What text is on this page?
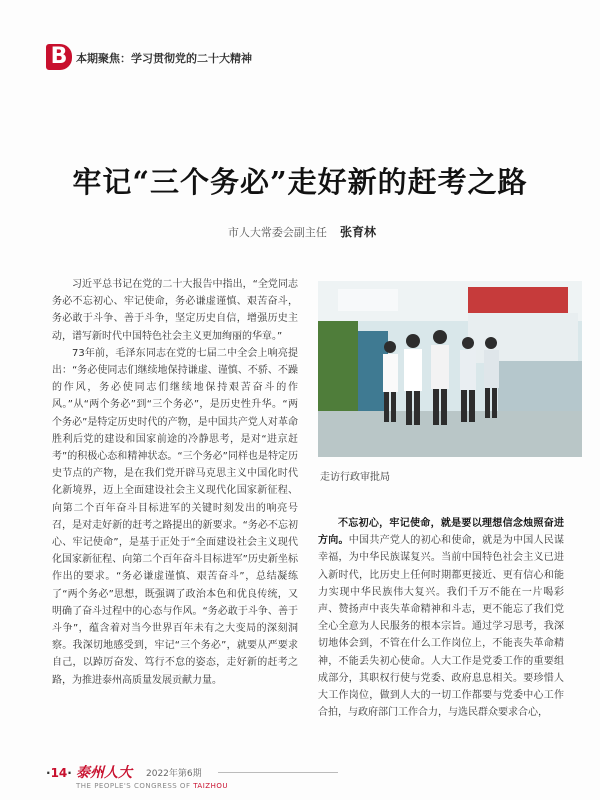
B 本期聚焦：学习贯彻党的二十大精神
牢记“三个务必”走好新的赶考之路
市人大常委会副主任 张育林

习近平总书记在党的二十大报告中指出，“全党同志务必不忘初心、牢记使命，务必谦虚谨慎、艰苦奋斗，务必敢于斗争、善于斗争，坚定历史自信，增强历史主动，谱写新时代中国特色社会主义更加绚丽的华章。”

73年前，毛泽东同志在党的七届二中全会上响亮提出：“务必使同志们继续地保持谦虚、谨慎、不骄、不躁的作风，务必使同志们继续地保持艰苦奋斗的作风。”从“两个务必”到“三个务必”，是历史性升华。“两个务必”是特定历史时代的产物，是中国共产党人对革命胜利后党的建设和国家前途的冷静思考，是对“进京赶考”的积极心态和精神状态。“三个务必”同样也是特定历史节点的产物，是在我们党开辟马克思主义中国化时代化新境界，迈上全面建设社会主义现代化国家新征程、向第二个百年奋斗目标进军的关键时刻发出的响亮号召，是对走好新的赶考之路提出的新要求。“务必不忘初心、牢记使命”，是基于正处于“全面建设社会主义现代化国家新征程、向第二个百年奋斗目标进军”历史新坐标作出的要求。“务必谦虚谨慎、艰苦奋斗”，总结凝练了“两个务必”思想，既强调了政治本色和优良传统，又明确了奋斗过程中的心态与作风。“务必敢于斗争、善于斗争”，蕴含着对当今世界百年未有之大变局的深刻洞察。我深切地感受到，牢记“三个务必”，就要从严要求自己，以踔厉奋发、笃行不怠的姿态，走好新的赶考之路，为推进泰州高质量发展贡献力量。

走访行政审批局

不忘初心，牢记使命，就是要以理想信念烛照奋进方向。中国共产党人的初心和使命，就是为中国人民谋幸福，为中华民族谋复兴。当前中国特色社会主义已进入新时代，比历史上任何时期都更接近、更有信心和能力实现中华民族伟大复兴。我们千万不能在一片喝彩声、赞扬声中丧失革命精神和斗志，更不能忘了我们党全心全意为人民服务的根本宗旨。通过学习思考，我深切地体会到，不管在什么工作岗位上，不能丧失革命精神，不能丢失初心使命。人大工作是党委工作的重要组成部分，其职权行使与党委、政府息息相关。要珍惜人大工作岗位，做到人大的一切工作都要与党委中心工作合拍，与政府部门工作合力，与选民群众要求合心，

·14· 泰州人大 2022年第6期
THE PEOPLE'S CONGRESS OF TAIZHOU
